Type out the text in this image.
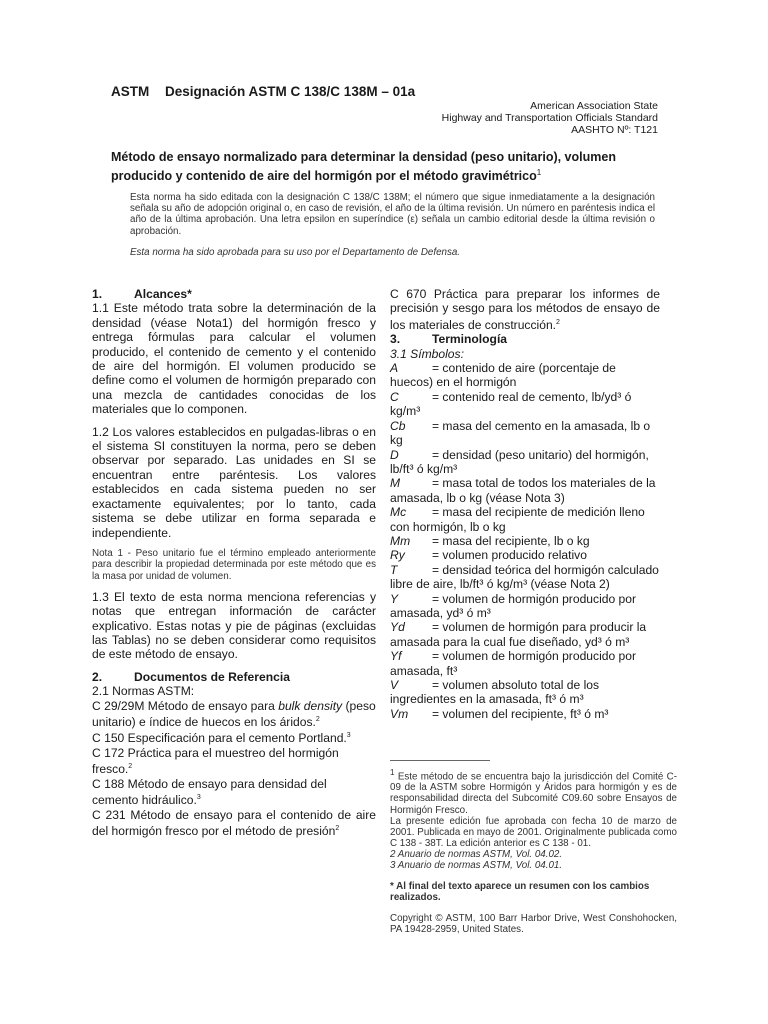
ASTM Designación ASTM C 138/C 138M – 01a
American Association State
Highway and Transportation Officials Standard
AASHTO Nº: T121
Método de ensayo normalizado para determinar la densidad (peso unitario), volumen producido y contenido de aire del hormigón por el método gravimétrico$^1$
Esta norma ha sido editada con la designación C 138/C 138M; el número que sigue inmediatamente a la designación señala su año de adopción original o, en caso de revisión, el año de la última revisión. Un número en paréntesis indica el año de la última aprobación. Una letra epsilon en superíndice (ε) señala un cambio editorial desde la última revisión o aprobación.
Esta norma ha sido aprobada para su uso por el Departamento de Defensa.
1.	Alcances*

1.1 Este método trata sobre la determinación de la densidad (véase Nota1) del hormigón fresco y entrega fórmulas para calcular el volumen producido, el contenido de cemento y el contenido de aire del hormigón. El volumen producido se define como el volumen de hormigón preparado con una mezcla de cantidades conocidas de los materiales que lo componen.

1.2 Los valores establecidos en pulgadas-libras o en el sistema SI constituyen la norma, pero se deben observar por separado. Las unidades en SI se encuentran entre paréntesis. Los valores establecidos en cada sistema pueden no ser exactamente equivalentes; por lo tanto, cada sistema se debe utilizar en forma separada e independiente.

Nota 1 - Peso unitario fue el término empleado anteriormente para describir la propiedad determinada por este método que es la masa por unidad de volumen.

1.3 El texto de esta norma menciona referencias y notas que entregan información de carácter explicativo. Estas notas y pie de páginas (excluidas las Tablas) no se deben considerar como requisitos de este método de ensayo.

2.	Documentos de Referencia

2.1 Normas ASTM:

C 29/29M Método de ensayo para bulk density (peso unitario) e índice de huecos en los áridos.$^2$

C 150 Especificación para el cemento Portland.$^3$

C 172 Práctica para el muestreo del hormigón fresco.$^2$

C 188 Método de ensayo para densidad del cemento hidráulico.$^3$

C 231 Método de ensayo para el contenido de aire del hormigón fresco por el método de presión$^2$

C 670 Práctica para preparar los informes de precisión y sesgo para los métodos de ensayo de los materiales de construcción.$^2$

3.	Terminología

3.1 Símbolos:

A	= contenido de aire (porcentaje de huecos) en el hormigón
C	= contenido real de cemento, lb/yd³ ó kg/m³
Cb = masa del cemento en la amasada, lb o kg
D	= densidad (peso unitario) del hormigón, lb/ft³ ó kg/m³
M	= masa total de todos los materiales de la amasada, lb o kg (véase Nota 3)
Mc = masa del recipiente de medición lleno con hormigón, lb o kg
Mm = masa del recipiente, lb o kg
Ry = volumen producido relativo
T	= densidad teórica del hormigón calculado libre de aire, lb/ft³ ó kg/m³ (véase Nota 2)
Y	= volumen de hormigón producido por amasada, yd³ ó m³
Yd = volumen de hormigón para producir la amasada para la cual fue diseñado, yd³ ó m³
Yf	= volumen de hormigón producido por amasada, ft³
V	= volumen absoluto total de los ingredientes en la amasada, ft³ ó m³
Vm = volumen del recipiente, ft³ ó m³
$^1$ Este método de se encuentra bajo la jurisdicción del Comité C-09 de la ASTM sobre Hormigón y Áridos para hormigón y es de responsabilidad directa del Subcomité C09.60 sobre Ensayos de Hormigón Fresco.
La presente edición fue aprobada con fecha 10 de marzo de 2001. Publicada en mayo de 2001. Originalmente publicada como C 138 - 38T. La edición anterior es C 138 - 01.
2 Anuario de normas ASTM, Vol. 04.02.
3 Anuario de normas ASTM, Vol. 04.01.
* Al final del texto aparece un resumen con los cambios realizados.
Copyright © ASTM, 100 Barr Harbor Drive, West Conshohocken, PA 19428-2959, United States.
